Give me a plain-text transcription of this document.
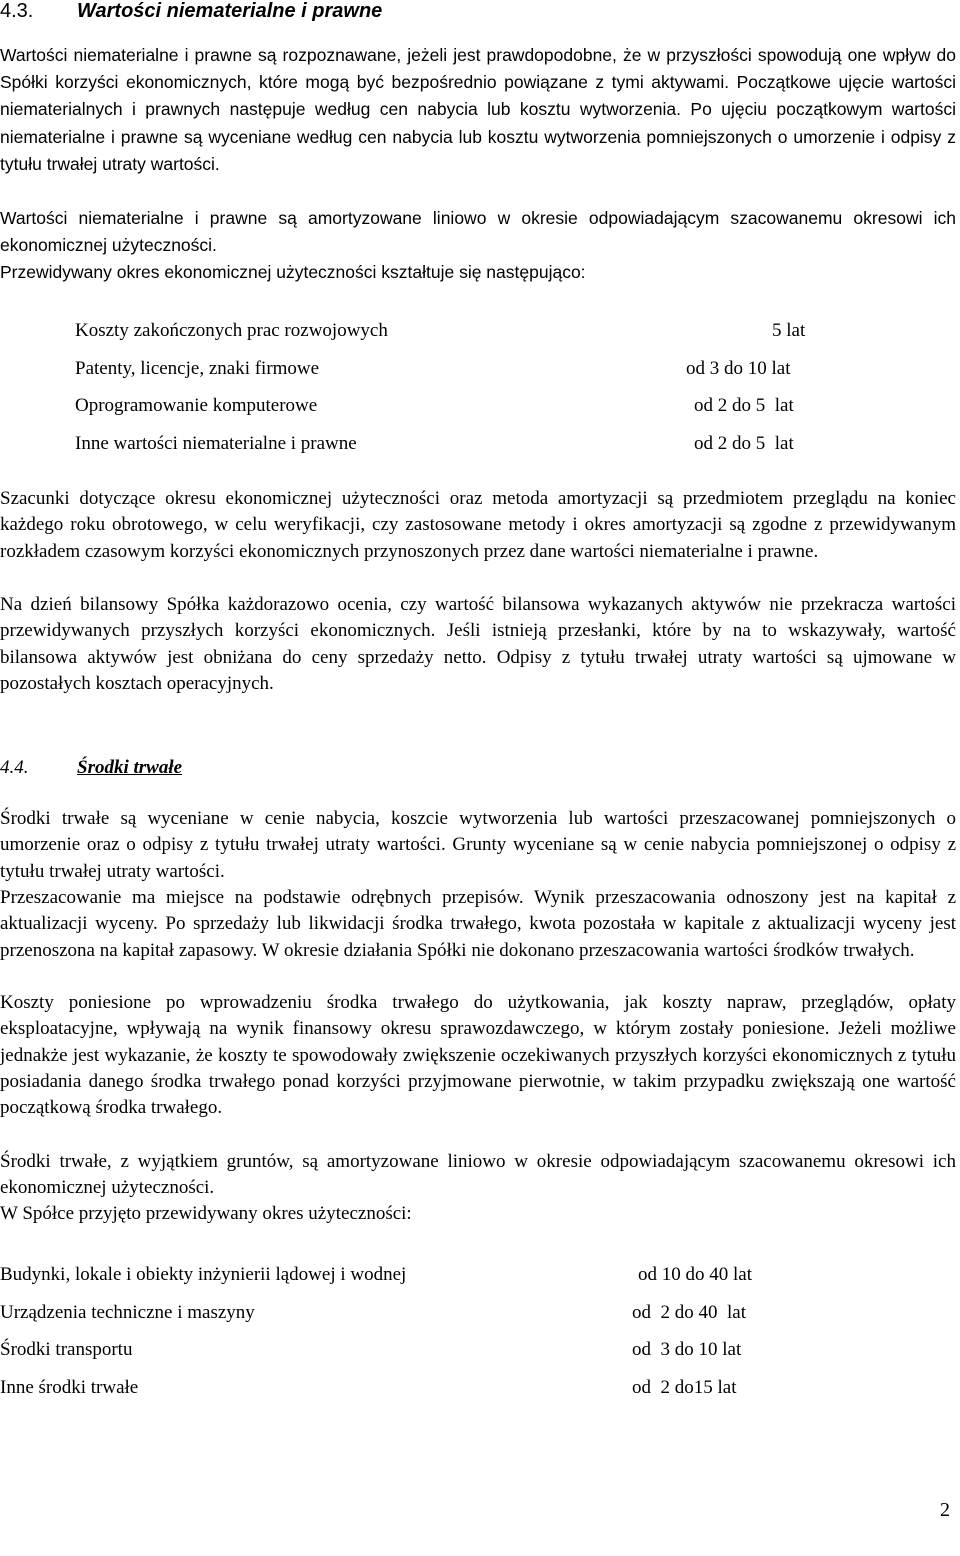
4.3. Wartości niematerialne i prawne

Wartości niematerialne i prawne są rozpoznawane, jeżeli jest prawdopodobne, że w przyszłości spowodują one wpływ do Spółki korzyści ekonomicznych, które mogą być bezpośrednio powiązane z tymi aktywami. Początkowe ujęcie wartości niematerialnych i prawnych następuje według cen nabycia lub kosztu wytworzenia. Po ujęciu początkowym wartości niematerialne i prawne są wyceniane według cen nabycia lub kosztu wytworzenia pomniejszonych o umorzenie i odpisy z tytułu trwałej utraty wartości.

Wartości niematerialne i prawne są amortyzowane liniowo w okresie odpowiadającym szacowanemu okresowi ich ekonomicznej użyteczności.

Przewidywany okres ekonomicznej użyteczności kształtuje się następująco:

Koszty zakończonych prac rozwojowych	5 lat
Patenty, licencje, znaki firmowe	od 3 do 10 lat
Oprogramowanie komputerowe	od 2 do 5  lat
Inne wartości niematerialne i prawne	od 2 do 5  lat

Szacunki dotyczące okresu ekonomicznej użyteczności oraz metoda amortyzacji są przedmiotem przeglądu na koniec każdego roku obrotowego, w celu weryfikacji, czy zastosowane metody i okres amortyzacji są zgodne z przewidywanym rozkładem czasowym korzyści ekonomicznych przynoszonych przez dane wartości niematerialne i prawne.

Na dzień bilansowy Spółka każdorazowo ocenia, czy wartość bilansowa wykazanych aktywów nie przekracza wartości przewidywanych przyszłych korzyści ekonomicznych. Jeśli istnieją przesłanki, które by na to wskazywały, wartość bilansowa aktywów jest obniżana do ceny sprzedaży netto. Odpisy z tytułu trwałej utraty wartości są ujmowane w pozostałych kosztach operacyjnych.

4.4.	Środki trwałe

Środki trwałe są wyceniane w cenie nabycia, koszcie wytworzenia lub wartości przeszacowanej pomniejszonych o umorzenie oraz o odpisy z tytułu trwałej utraty wartości. Grunty wyceniane są w cenie nabycia pomniejszonej o odpisy z tytułu trwałej utraty wartości.

Przeszacowanie ma miejsce na podstawie odrębnych przepisów. Wynik przeszacowania odnoszony jest na kapitał z aktualizacji wyceny. Po sprzedaży lub likwidacji środka trwałego, kwota pozostała w kapitale z aktualizacji wyceny jest przenoszona na kapitał zapasowy. W okresie działania Spółki nie dokonano przeszacowania wartości środków trwałych.

Koszty poniesione po wprowadzeniu środka trwałego do użytkowania, jak koszty napraw, przeglądów, opłaty eksploatacyjne, wpływają na wynik finansowy okresu sprawozdawczego, w którym zostały poniesione. Jeżeli możliwe jednakże jest wykazanie, że koszty te spowodowały zwiększenie oczekiwanych przyszłych korzyści ekonomicznych z tytułu posiadania danego środka trwałego ponad korzyści przyjmowane pierwotnie, w takim przypadku zwiększają one wartość początkową środka trwałego.

Środki trwałe, z wyjątkiem gruntów, są amortyzowane liniowo w okresie odpowiadającym szacowanemu okresowi ich ekonomicznej użyteczności.

W Spółce przyjęto przewidywany okres użyteczności:

Budynki, lokale i obiekty inżynierii lądowej i wodnej	od 10 do 40 lat
Urządzenia techniczne i maszyny	od  2 do 40  lat
Środki transportu	od  3 do 10 lat
Inne środki trwałe	od  2 do15 lat
2
